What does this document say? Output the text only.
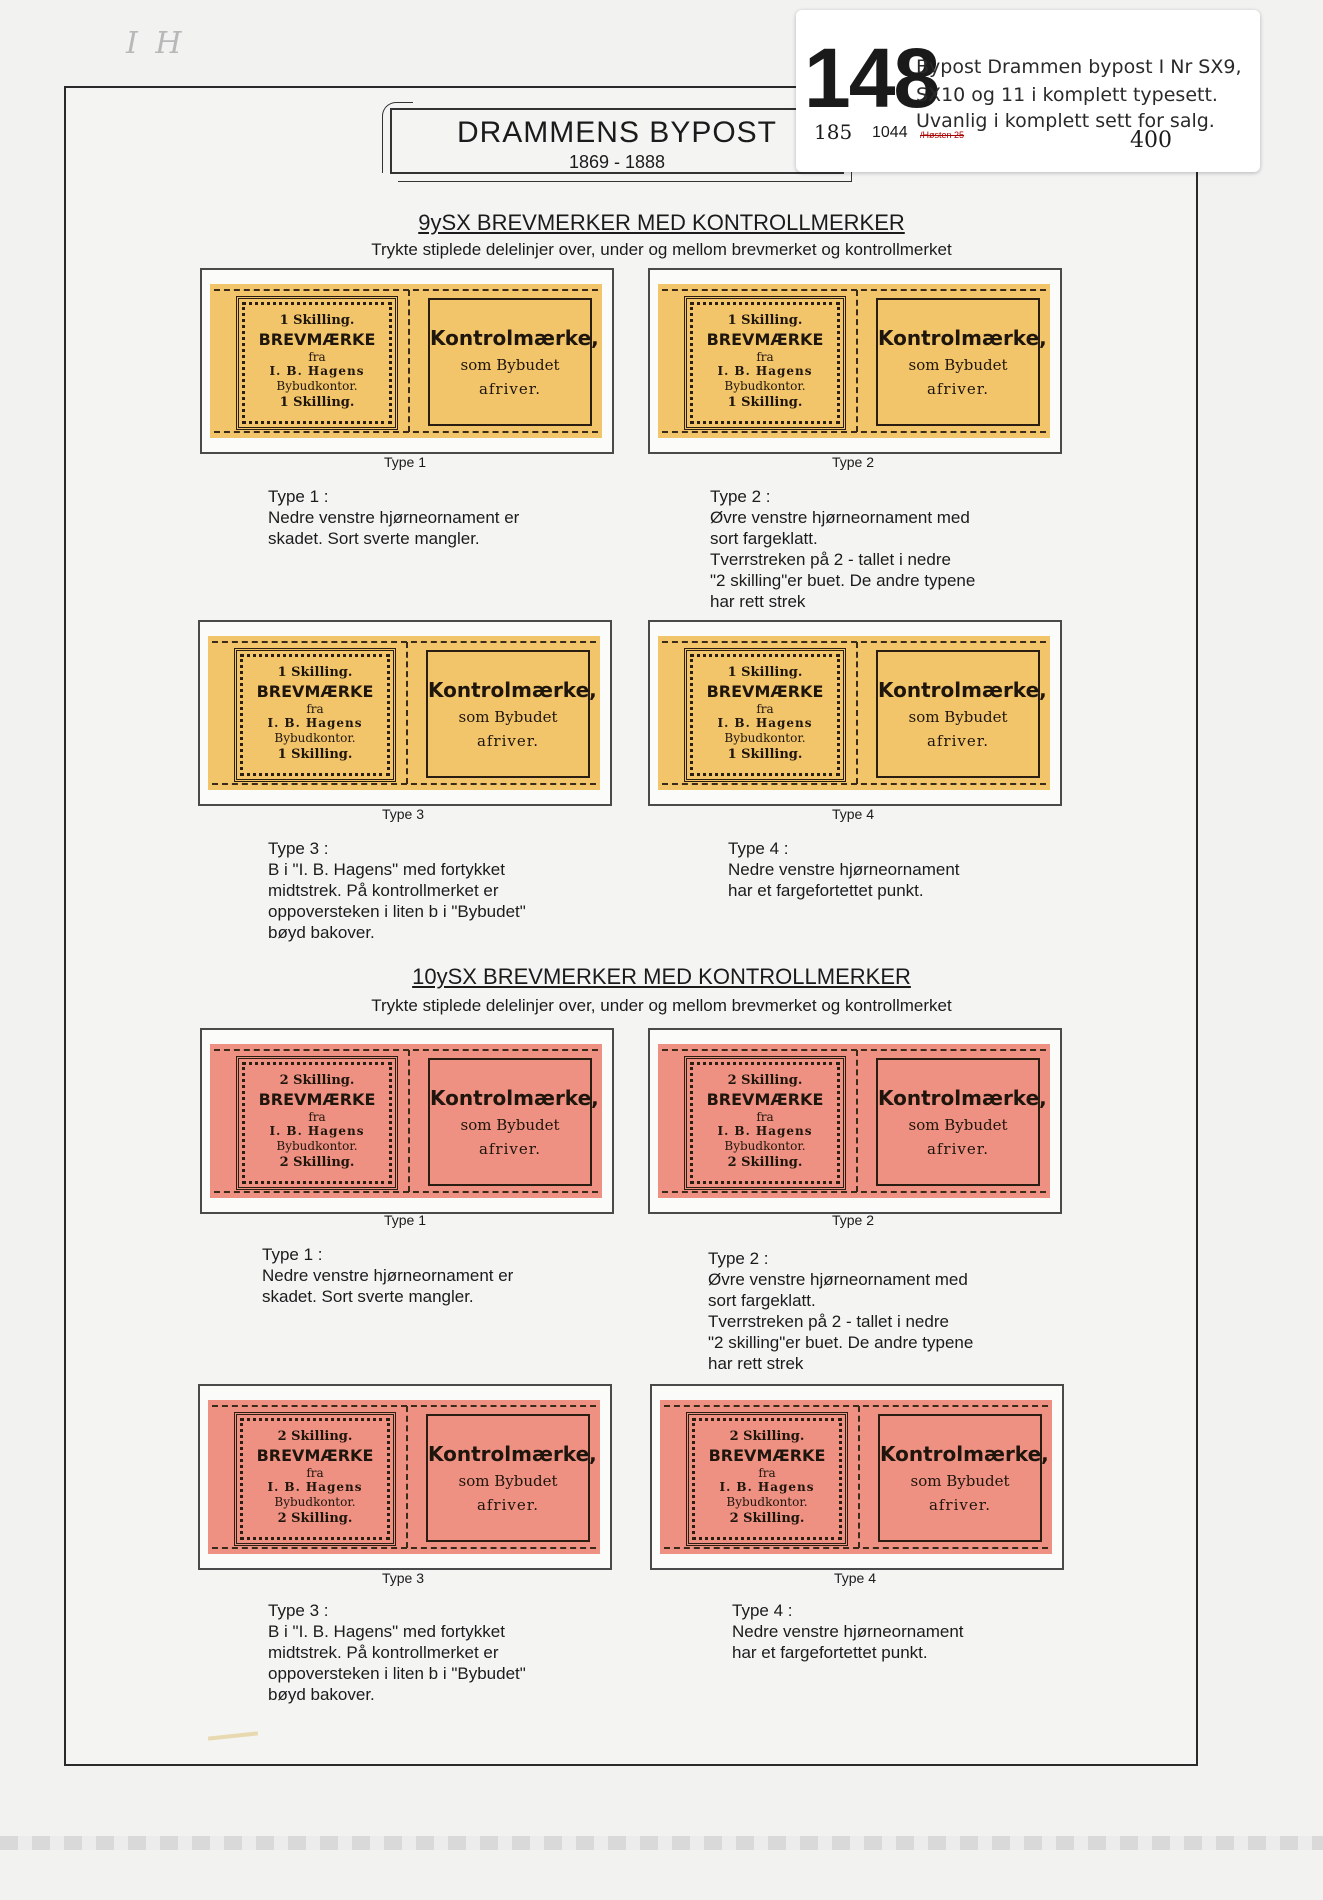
I H
DRAMMENS BYPOST
1869 - 1888
148
Bypost Drammen bypost I Nr SX9,
SX10 og 11 i komplett typesett.
Uvanlig i komplett sett for salg.
185 1044 /Høsten 25	400
9ySX BREVMERKER MED KONTROLLMERKER
Trykte stiplede delelinjer over, under og mellom brevmerket og kontrollmerket
1 Skilling.
BREVMÆRKE
fra
I. B. Hagens
Bybudkontor.
1 Skilling.
Kontrolmærke,
som Bybudet
afriver.
Type 1
Type 1 :
Nedre venstre hjørneornament er
skadet. Sort sverte mangler.
1 Skilling.
BREVMÆRKE
fra
I. B. Hagens
Bybudkontor.
1 Skilling.
Kontrolmærke,
som Bybudet
afriver.
Type 2
Type 2 :
Øvre venstre hjørneornament med
sort fargeklatt.
Tverrstreken på 2 - tallet i nedre
"2 skilling"er buet. De andre typene
har rett strek
1 Skilling.
BREVMÆRKE
fra
I. B. Hagens
Bybudkontor.
1 Skilling.
Kontrolmærke,
som Bybudet
afriver.
Type 3
Type 3 :
B i "I. B. Hagens" med fortykket
midtstrek. På kontrollmerket er
oppoversteken i liten b i "Bybudet"
bøyd bakover.
1 Skilling.
BREVMÆRKE
fra
I. B. Hagens
Bybudkontor.
1 Skilling.
Kontrolmærke,
som Bybudet
afriver.
Type 4
Type 4 :
Nedre venstre hjørneornament
har et fargefortettet punkt.
10ySX BREVMERKER MED KONTROLLMERKER
Trykte stiplede delelinjer over, under og mellom brevmerket og kontrollmerket
2 Skilling.
BREVMÆRKE
fra
I. B. Hagens
Bybudkontor.
2 Skilling.
Kontrolmærke,
som Bybudet
afriver.
Type 1
Type 1 :
Nedre venstre hjørneornament er
skadet. Sort sverte mangler.
2 Skilling.
BREVMÆRKE
fra
I. B. Hagens
Bybudkontor.
2 Skilling.
Kontrolmærke,
som Bybudet
afriver.
Type 2
Type 2 :
Øvre venstre hjørneornament med
sort fargeklatt.
Tverrstreken på 2 - tallet i nedre
"2 skilling"er buet. De andre typene
har rett strek
2 Skilling.
BREVMÆRKE
fra
I. B. Hagens
Bybudkontor.
2 Skilling.
Kontrolmærke,
som Bybudet
afriver.
Type 3
Type 3 :
B i "I. B. Hagens" med fortykket
midtstrek. På kontrollmerket er
oppoversteken i liten b i "Bybudet"
bøyd bakover.
2 Skilling.
BREVMÆRKE
fra
I. B. Hagens
Bybudkontor.
2 Skilling.
Kontrolmærke,
som Bybudet
afriver.
Type 4
Type 4 :
Nedre venstre hjørneornament
har et fargefortettet punkt.
